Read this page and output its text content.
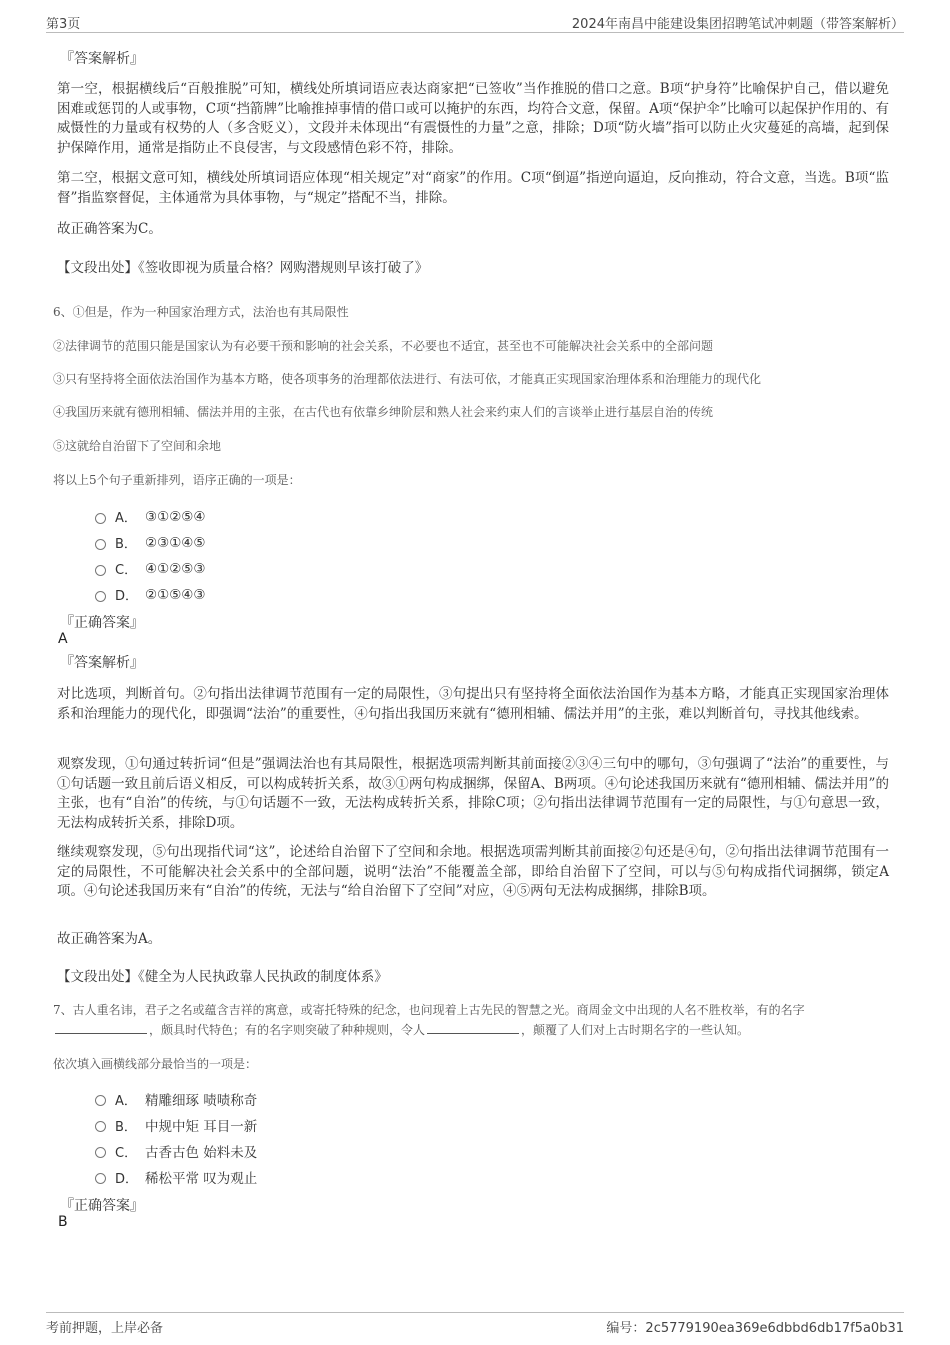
第3页	2024年南昌中能建设集团招聘笔试冲刺题（带答案解析）
『答案解析』
第一空，根据横线后“百般推脱”可知，横线处所填词语应表达商家把“已签收”当作推脱的借口之意。B项“护身符”比喻保护自己，借以避免困难或惩罚的人或事物，C项“挡箭牌”比喻推掉事情的借口或可以掩护的东西，均符合文意，保留。A项“保护伞”比喻可以起保护作用的、有威慑性的力量或有权势的人（多含贬义），文段并未体现出“有震慑性的力量”之意，排除；D项“防火墙”指可以防止火灾蔓延的高墙，起到保护保障作用，通常是指防止不良侵害，与文段感情色彩不符，排除。
第二空，根据文意可知，横线处所填词语应体现“相关规定”对“商家”的作用。C项“倒逼”指逆向逼迫，反向推动，符合文意，当选。B项“监督”指监察督促，主体通常为具体事物，与“规定”搭配不当，排除。
故正确答案为C。
【文段出处】《签收即视为质量合格？网购潜规则早该打破了》
6、①但是，作为一种国家治理方式，法治也有其局限性
②法律调节的范围只能是国家认为有必要干预和影响的社会关系，不必要也不适宜，甚至也不可能解决社会关系中的全部问题
③只有坚持将全面依法治国作为基本方略，使各项事务的治理都依法进行、有法可依，才能真正实现国家治理体系和治理能力的现代化
④我国历来就有德刑相辅、儒法并用的主张，在古代也有依靠乡绅阶层和熟人社会来约束人们的言谈举止进行基层自治的传统
⑤这就给自治留下了空间和余地
将以上5个句子重新排列，语序正确的一项是：
A． ③①②⑤④
B． ②③①④⑤
C． ④①②⑤③
D． ②①⑤④③
『正确答案』
A
『答案解析』
对比选项，判断首句。②句指出法律调节范围有一定的局限性，③句提出只有坚持将全面依法治国作为基本方略，才能真正实现国家治理体系和治理能力的现代化，即强调“法治”的重要性，④句指出我国历来就有“德刑相辅、儒法并用”的主张，难以判断首句，寻找其他线索。
观察发现，①句通过转折词“但是”强调法治也有其局限性，根据选项需判断其前面接②③④三句中的哪句，③句强调了“法治”的重要性，与①句话题一致且前后语义相反，可以构成转折关系，故③①两句构成捆绑，保留A、B两项。④句论述我国历来就有“德刑相辅、儒法并用”的主张，也有“自治”的传统，与①句话题不一致，无法构成转折关系，排除C项；②句指出法律调节范围有一定的局限性，与①句意思一致，无法构成转折关系，排除D项。
继续观察发现，⑤句出现指代词“这”，论述给自治留下了空间和余地。根据选项需判断其前面接②句还是④句，②句指出法律调节范围有一定的局限性，不可能解决社会关系中的全部问题，说明“法治”不能覆盖全部，即给自治留下了空间，可以与⑤句构成指代词捆绑，锁定A项。④句论述我国历来有“自治”的传统，无法与“给自治留下了空间”对应，④⑤两句无法构成捆绑，排除B项。
故正确答案为A。
【文段出处】《健全为人民执政靠人民执政的制度体系》
7、古人重名讳，君子之名或蕴含吉祥的寓意，或寄托特殊的纪念，也问现着上古先民的智慧之光。商周金文中出现的人名不胜枚举，有的名字
，颇具时代特色；有的名字则突破了种种规则，令人	，颠覆了人们对上古时期名字的一些认知。
依次填入画横线部分最恰当的一项是：
A． 精雕细琢 啧啧称奇
B． 中规中矩 耳目一新
C． 古香古色 始料未及
D． 稀松平常 叹为观止
『正确答案』
B
考前押题，上岸必备	编号：2c5779190ea369e6dbbd6db17f5a0b31
